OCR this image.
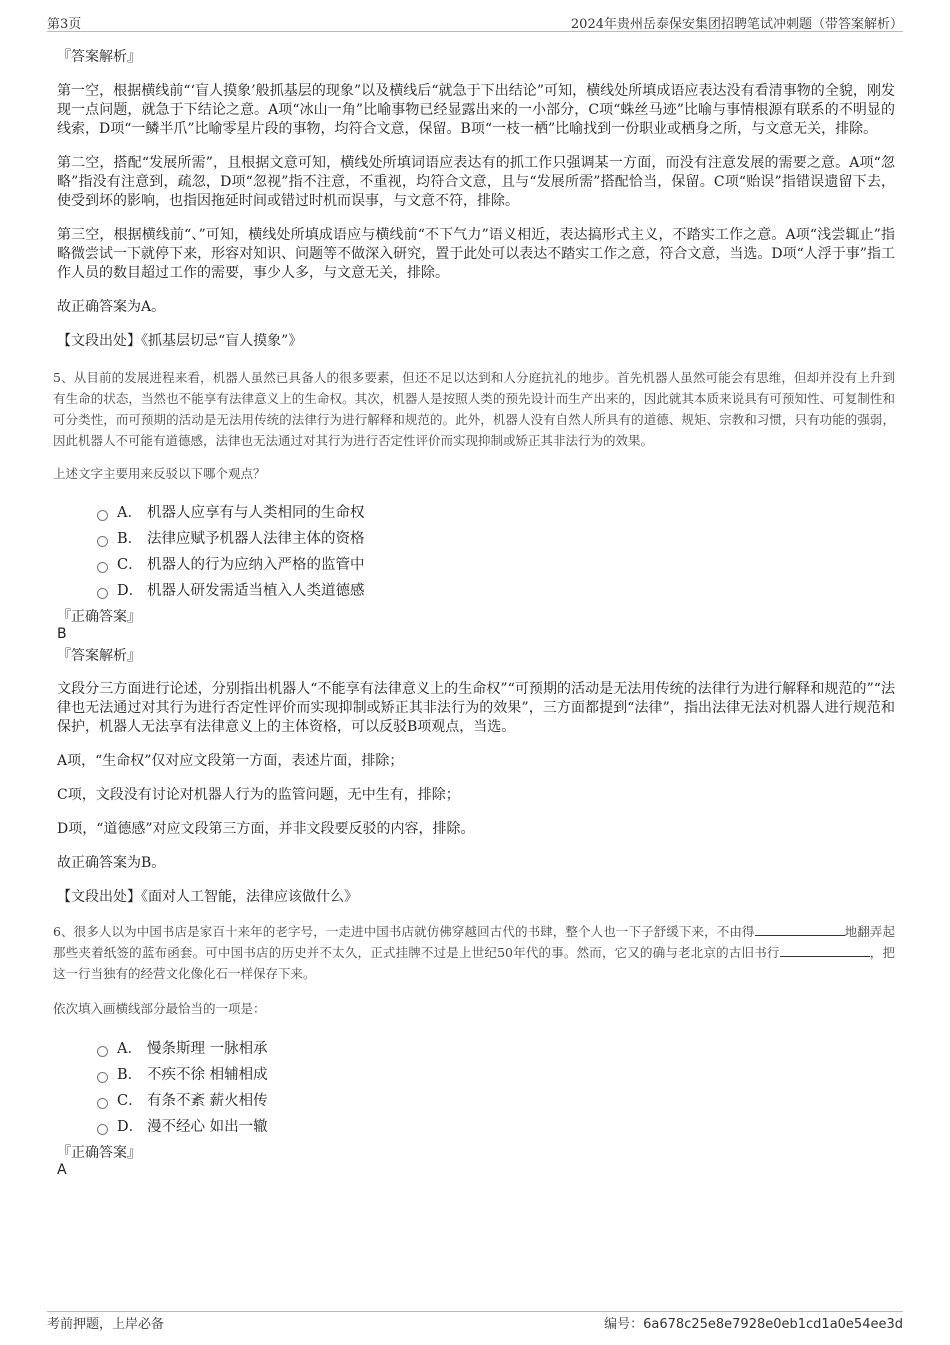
第3页	2024年贵州岳泰保安集团招聘笔试冲刺题（带答案解析）

『答案解析』

第一空，根据横线前“‘盲人摸象’般抓基层的现象”以及横线后“就急于下出结论”可知，横线处所填成语应表达没有看清事物的全貌，刚发现一点问题，就急于下结论之意。A项“冰山一角”比喻事物已经显露出来的一小部分，C项“蛛丝马迹”比喻与事情根源有联系的不明显的线索，D项“一鳞半爪”比喻零星片段的事物，均符合文意，保留。B项“一枝一栖”比喻找到一份职业或栖身之所，与文意无关，排除。

第二空，搭配“发展所需”，且根据文意可知，横线处所填词语应表达有的抓工作只强调某一方面，而没有注意发展的需要之意。A项“忽略”指没有注意到，疏忽，D项“忽视”指不注意，不重视，均符合文意，且与“发展所需”搭配恰当，保留。C项“贻误”指错误遗留下去，使受到坏的影响，也指因拖延时间或错过时机而误事，与文意不符，排除。

第三空，根据横线前“、”可知，横线处所填成语应与横线前“不下气力”语义相近，表达搞形式主义，不踏实工作之意。A项“浅尝辄止”指略微尝试一下就停下来，形容对知识、问题等不做深入研究，置于此处可以表达不踏实工作之意，符合文意，当选。D项“人浮于事”指工作人员的数目超过工作的需要，事少人多，与文意无关，排除。

故正确答案为A。

【文段出处】《抓基层切忌“盲人摸象”》

5、从目前的发展进程来看，机器人虽然已具备人的很多要素，但还不足以达到和人分庭抗礼的地步。首先机器人虽然可能会有思维，但却并没有上升到有生命的状态，当然也不能享有法律意义上的生命权。其次，机器人是按照人类的预先设计而生产出来的，因此就其本质来说具有可预知性、可复制性和可分类性，而可预期的活动是无法用传统的法律行为进行解释和规范的。此外，机器人没有自然人所具有的道德、规矩、宗教和习惯，只有功能的强弱，因此机器人不可能有道德感，法律也无法通过对其行为进行否定性评价而实现抑制或矫正其非法行为的效果。

上述文字主要用来反驳以下哪个观点？

A． 机器人应享有与人类相同的生命权
B． 法律应赋予机器人法律主体的资格
C． 机器人的行为应纳入严格的监管中
D． 机器人研发需适当植入人类道德感

『正确答案』

B

『答案解析』

文段分三方面进行论述，分别指出机器人“不能享有法律意义上的生命权”“可预期的活动是无法用传统的法律行为进行解释和规范的”“法律也无法通过对其行为进行否定性评价而实现抑制或矫正其非法行为的效果”，三方面都提到“法律”，指出法律无法对机器人进行规范和保护，机器人无法享有法律意义上的主体资格，可以反驳B项观点，当选。

A项，“生命权”仅对应文段第一方面，表述片面，排除；

C项，文段没有讨论对机器人行为的监管问题，无中生有，排除；

D项，“道德感”对应文段第三方面，并非文段要反驳的内容，排除。

故正确答案为B。

【文段出处】《面对人工智能，法律应该做什么》

6、很多人以为中国书店是家百十来年的老字号，一走进中国书店就仿佛穿越回古代的书肆，整个人也一下子舒缓下来，不由得	地翻弄起那些夹着纸签的蓝布函套。可中国书店的历史并不太久，正式挂牌不过是上世纪50年代的事。然而，它又的确与老北京的古旧书行	，把这一行当独有的经营文化像化石一样保存下来。

依次填入画横线部分最恰当的一项是：

A． 慢条斯理 一脉相承
B． 不疾不徐 相辅相成
C． 有条不紊 薪火相传
D． 漫不经心 如出一辙

『正确答案』

A

考前押题，上岸必备	编号：6a678c25e8e7928e0eb1cd1a0e54ee3d
